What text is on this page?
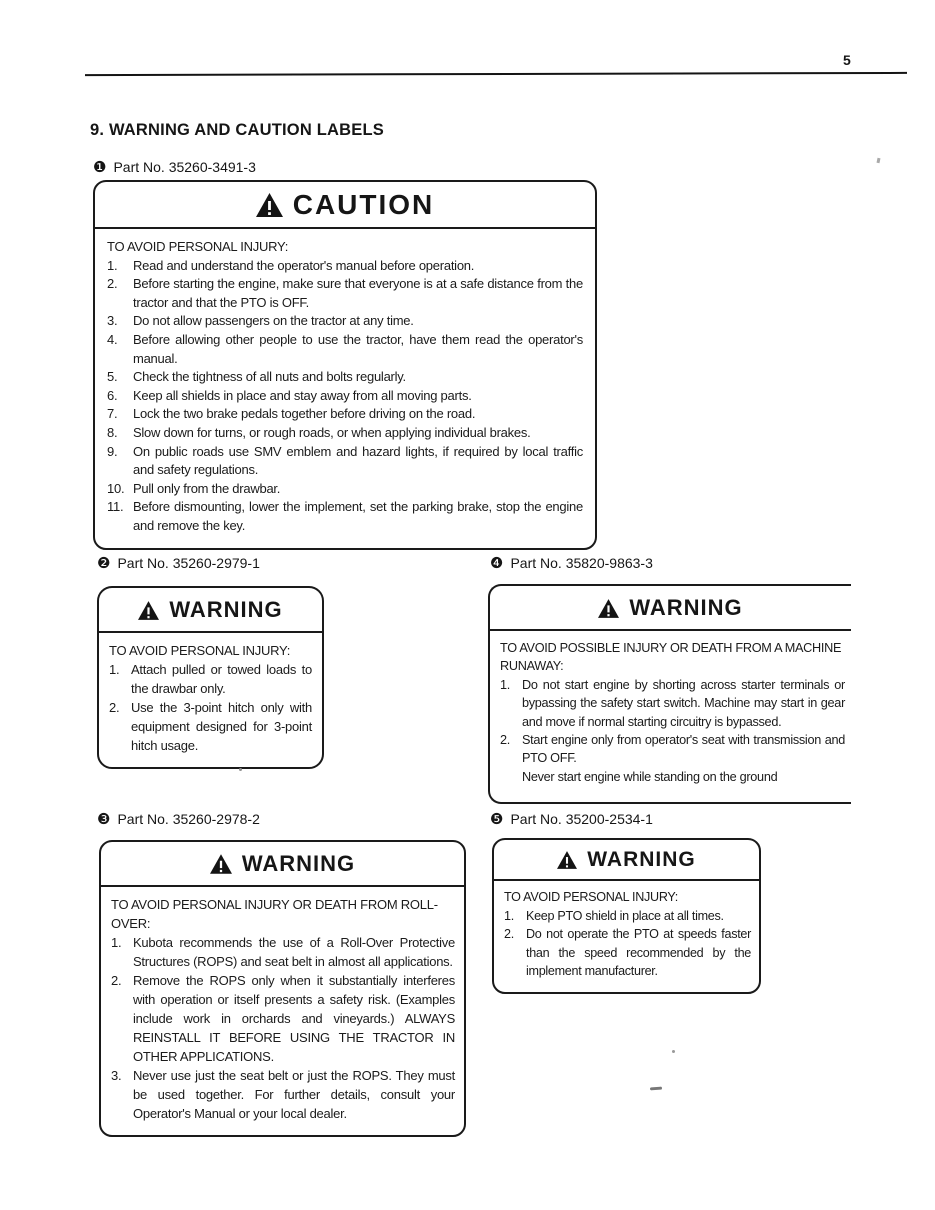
5
9. WARNING AND CAUTION LABELS
❶ Part No. 35260-3491-3
CAUTION
TO AVOID PERSONAL INJURY:
1.	Read and understand the operator's manual before operation.
2.	Before starting the engine, make sure that everyone is at a safe distance from the tractor and that the PTO is OFF.
3.	Do not allow passengers on the tractor at any time.
4.	Before allowing other people to use the tractor, have them read the operator's manual.
5.	Check the tightness of all nuts and bolts regularly.
6.	Keep all shields in place and stay away from all moving parts.
7.	Lock the two brake pedals together before driving on the road.
8.	Slow down for turns, or rough roads, or when applying individual brakes.
9.	On public roads use SMV emblem and hazard lights, if required by local traffic and safety regulations.
10. Pull only from the drawbar.
11. Before dismounting, lower the implement, set the parking brake, stop the engine and remove the key.
❷ Part No. 35260-2979-1
WARNING
TO AVOID PERSONAL INJURY:
1. Attach pulled or towed loads to the drawbar only.
2. Use the 3-point hitch only with equipment designed for 3-point hitch usage.
❹ Part No. 35820-9863-3
WARNING
TO AVOID POSSIBLE INJURY OR DEATH FROM A MACHINE RUNAWAY:
1. Do not start engine by shorting across starter terminals or bypassing the safety start switch. Machine may start in gear and move if normal starting circuitry is bypassed.
2. Start engine only from operator's seat with transmission and PTO OFF.
Never start engine while standing on the ground
❸ Part No. 35260-2978-2
WARNING
TO AVOID PERSONAL INJURY OR DEATH FROM ROLL-OVER:
1. Kubota recommends the use of a Roll-Over Protective Structures (ROPS) and seat belt in almost all applications.
2. Remove the ROPS only when it substantially interferes with operation or itself presents a safety risk. (Examples include work in orchards and vineyards.) ALWAYS REINSTALL IT BEFORE USING THE TRACTOR IN OTHER APPLICATIONS.
3. Never use just the seat belt or just the ROPS. They must be used together. For further details, consult your Operator's Manual or your local dealer.
❺ Part No. 35200-2534-1
WARNING
TO AVOID PERSONAL INJURY:
1. Keep PTO shield in place at all times.
2. Do not operate the PTO at speeds faster than the speed recommended by the implement manufacturer.
